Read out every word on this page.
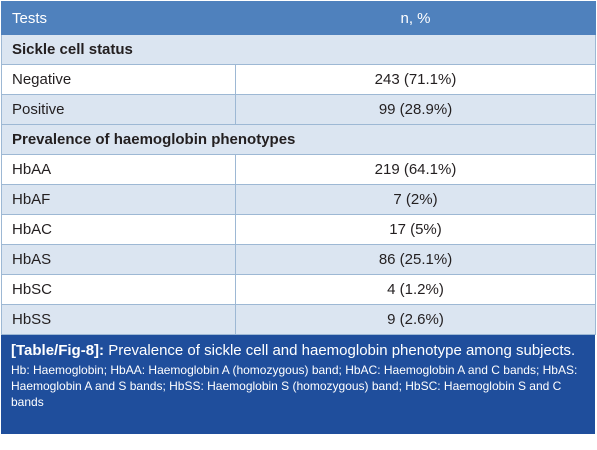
Tests	n, %
Sickle cell status	
Negative	243 (71.1%)
Positive	99 (28.9%)
Prevalence of haemoglobin phenotypes	
HbAA	219 (64.1%)
HbAF	7 (2%)
HbAC	17 (5%)
HbAS	86 (25.1%)
HbSC	4 (1.2%)
HbSS	9 (2.6%)
[Table/Fig-8]: Prevalence of sickle cell and haemoglobin phenotype among subjects.
Hb: Haemoglobin; HbAA: Haemoglobin A (homozygous) band; HbAC: Haemoglobin A and C bands; HbAS: Haemoglobin A and S bands; HbSS: Haemoglobin S (homozygous) band; HbSC: Haemoglobin S and C bands
